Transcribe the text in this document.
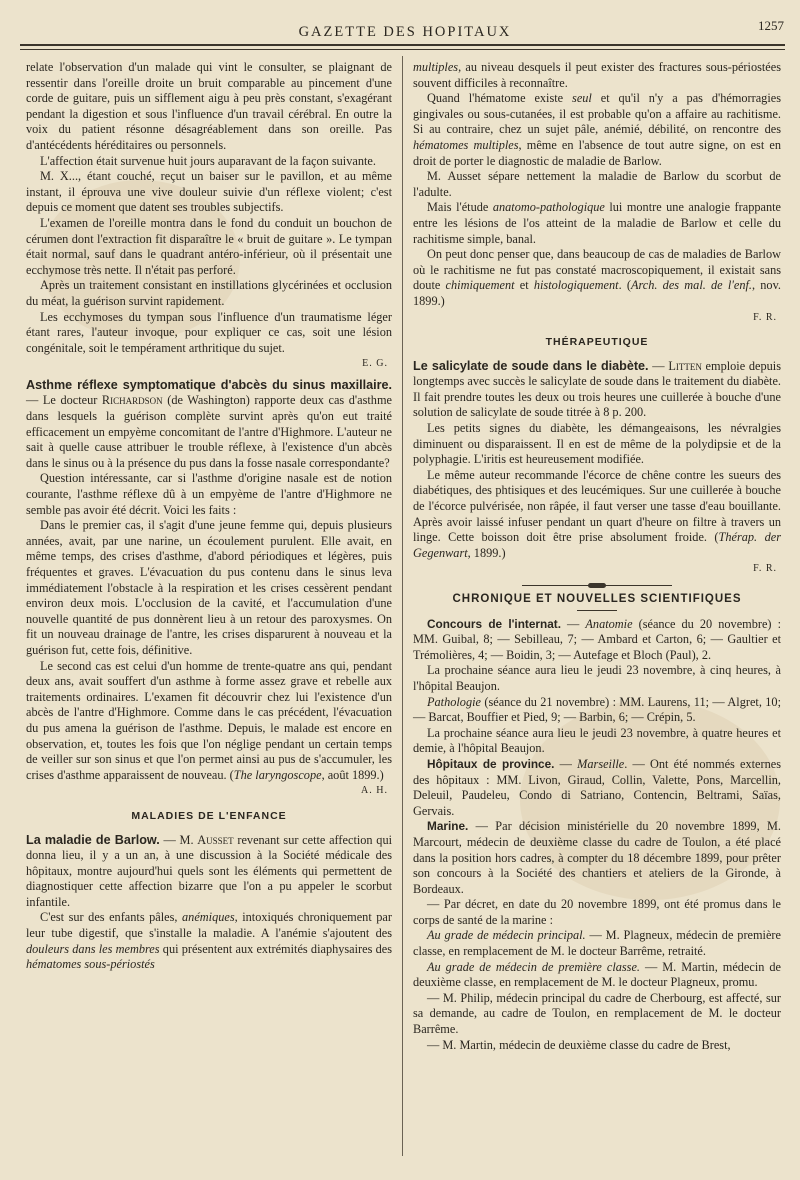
GAZETTE DES HOPITAUX	1257

relate l'observation d'un malade qui vint le consulter, se plaignant de ressentir dans l'oreille droite un bruit comparable au pincement d'une corde de guitare, puis un sifflement aigu à peu près constant, s'exagérant pendant la digestion et sous l'influence d'un travail cérébral. En outre la voix du patient résonne désagréablement dans son oreille. Pas d'antécédents héréditaires ou personnels.

L'affection était survenue huit jours auparavant de la façon suivante.

M. X..., étant couché, reçut un baiser sur le pavillon, et au même instant, il éprouva une vive douleur suivie d'un réflexe violent; c'est depuis ce moment que datent ses troubles subjectifs.

L'examen de l'oreille montra dans le fond du conduit un bouchon de cérumen dont l'extraction fit disparaître le « bruit de guitare ». Le tympan était normal, sauf dans le quadrant antéro-inférieur, où il présentait une ecchymose très nette. Il n'était pas perforé.

Après un traitement consistant en instillations glycérinées et occlusion du méat, la guérison survint rapidement.

Les ecchymoses du tympan sous l'influence d'un traumatisme léger étant rares, l'auteur invoque, pour expliquer ce cas, soit une lésion congénitale, soit le tempérament arthritique du sujet.

E. G.

Asthme réflexe symptomatique d'abcès du sinus maxillaire. — Le docteur Richardson (de Washington) rapporte deux cas d'asthme dans lesquels la guérison complète survint après qu'on eut traité efficacement un empyème concomitant de l'antre d'Highmore. L'auteur ne sait à quelle cause attribuer le trouble réflexe, à l'existence d'un abcès dans le sinus ou à la présence du pus dans la fosse nasale correspondante?

Question intéressante, car si l'asthme d'origine nasale est de notion courante, l'asthme réflexe dû à un empyème de l'antre d'Highmore ne semble pas avoir été décrit. Voici les faits :

Dans le premier cas, il s'agit d'une jeune femme qui, depuis plusieurs années, avait, par une narine, un écoulement purulent. Elle avait, en même temps, des crises d'asthme, d'abord périodiques et légères, puis fréquentes et graves. L'évacuation du pus contenu dans le sinus leva immédiatement l'obstacle à la respiration et les crises cessèrent pendant environ deux mois. L'occlusion de la cavité, et l'accumulation d'une nouvelle quantité de pus donnèrent lieu à un retour des paroxysmes. On fit un nouveau drainage de l'antre, les crises disparurent à nouveau et la guérison fut, cette fois, définitive.

Le second cas est celui d'un homme de trente-quatre ans qui, pendant deux ans, avait souffert d'un asthme à forme assez grave et rebelle aux traitements ordinaires. L'examen fit découvrir chez lui l'existence d'un abcès de l'antre d'Highmore. Comme dans le cas précédent, l'évacuation du pus amena la guérison de l'asthme. Depuis, le malade est encore en observation, et, toutes les fois que l'on néglige pendant un certain temps de veiller sur son sinus et que l'on permet ainsi au pus de s'accumuler, les crises d'asthme apparaissent de nouveau. (The laryngoscope, août 1899.)

A. H.
MALADIES DE L'ENFANCE

La maladie de Barlow. — M. Ausset revenant sur cette affection qui donna lieu, il y a un an, à une discussion à la Société médicale des hôpitaux, montre aujourd'hui quels sont les éléments qui permettent de diagnostiquer cette affection bizarre que l'on a pu appeler le scorbut infantile.

C'est sur des enfants pâles, anémiques, intoxiqués chroniquement par leur tube digestif, que s'installe la maladie. A l'anémie s'ajoutent des douleurs dans les membres qui présentent aux extrémités diaphysaires des hématomes sous-périostés

multiples, au niveau desquels il peut exister des fractures sous-périostées souvent difficiles à reconnaître.

Quand l'hématome existe seul et qu'il n'y a pas d'hémorragies gingivales ou sous-cutanées, il est probable qu'on a affaire au rachitisme. Si au contraire, chez un sujet pâle, anémié, débilité, on rencontre des hématomes multiples, même en l'absence de tout autre signe, on est en droit de porter le diagnostic de maladie de Barlow.

M. Ausset sépare nettement la maladie de Barlow du scorbut de l'adulte.

Mais l'étude anatomo-pathologique lui montre une analogie frappante entre les lésions de l'os atteint de la maladie de Barlow et celle du rachitisme simple, banal.

On peut donc penser que, dans beaucoup de cas de maladies de Barlow où le rachitisme ne fut pas constaté macroscopiquement, il existait sans doute chimiquement et histologiquement. (Arch. des mal. de l'enf., nov. 1899.)

F. R.
THÉRAPEUTIQUE

Le salicylate de soude dans le diabète. — Litten emploie depuis longtemps avec succès le salicylate de soude dans le traitement du diabète. Il fait prendre toutes les deux ou trois heures une cuillerée à bouche d'une solution de salicylate de soude titrée à 8 p. 200.

Les petits signes du diabète, les démangeaisons, les névralgies diminuent ou disparaissent. Il en est de même de la polydipsie et de la polyphagie. L'iritis est heureusement modifiée.

Le même auteur recommande l'écorce de chêne contre les sueurs des diabétiques, des phtisiques et des leucémiques. Sur une cuillerée à bouche de l'écorce pulvérisée, non râpée, il faut verser une tasse d'eau bouillante. Après avoir laissé infuser pendant un quart d'heure on filtre à travers un linge. Cette boisson doit être prise absolument froide. (Thérap. der Gegenwart, 1899.)

F. R.
CHRONIQUE ET NOUVELLES SCIENTIFIQUES

Concours de l'internat. — Anatomie (séance du 20 novembre) : MM. Guibal, 8; — Sebilleau, 7; — Ambard et Carton, 6; — Gaultier et Trémolières, 4; — Boidin, 3; — Autefage et Bloch (Paul), 2.

La prochaine séance aura lieu le jeudi 23 novembre, à cinq heures, à l'hôpital Beaujon.

Pathologie (séance du 21 novembre) : MM. Laurens, 11; — Algret, 10; — Barcat, Bouffier et Pied, 9; — Barbin, 6; — Crépin, 5.

La prochaine séance aura lieu le jeudi 23 novembre, à quatre heures et demie, à l'hôpital Beaujon.

Hôpitaux de province. — Marseille. — Ont été nommés externes des hôpitaux : MM. Livon, Giraud, Collin, Valette, Pons, Marcellin, Deleuil, Paudeleu, Condo di Satriano, Contencin, Beltrami, Saïas, Gervais.

Marine. — Par décision ministérielle du 20 novembre 1899, M. Marcourt, médecin de deuxième classe du cadre de Toulon, a été placé dans la position hors cadres, à compter du 18 décembre 1899, pour prêter son concours à la Société des chantiers et ateliers de la Gironde, à Bordeaux.

— Par décret, en date du 20 novembre 1899, ont été promus dans le corps de santé de la marine :

Au grade de médecin principal. — M. Plagneux, médecin de première classe, en remplacement de M. le docteur Barrême, retraité.

Au grade de médecin de première classe. — M. Martin, médecin de deuxième classe, en remplacement de M. le docteur Plagneux, promu.

— M. Philip, médecin principal du cadre de Cherbourg, est affecté, sur sa demande, au cadre de Toulon, en remplacement de M. le docteur Barrême.

— M. Martin, médecin de deuxième classe du cadre de Brest,
